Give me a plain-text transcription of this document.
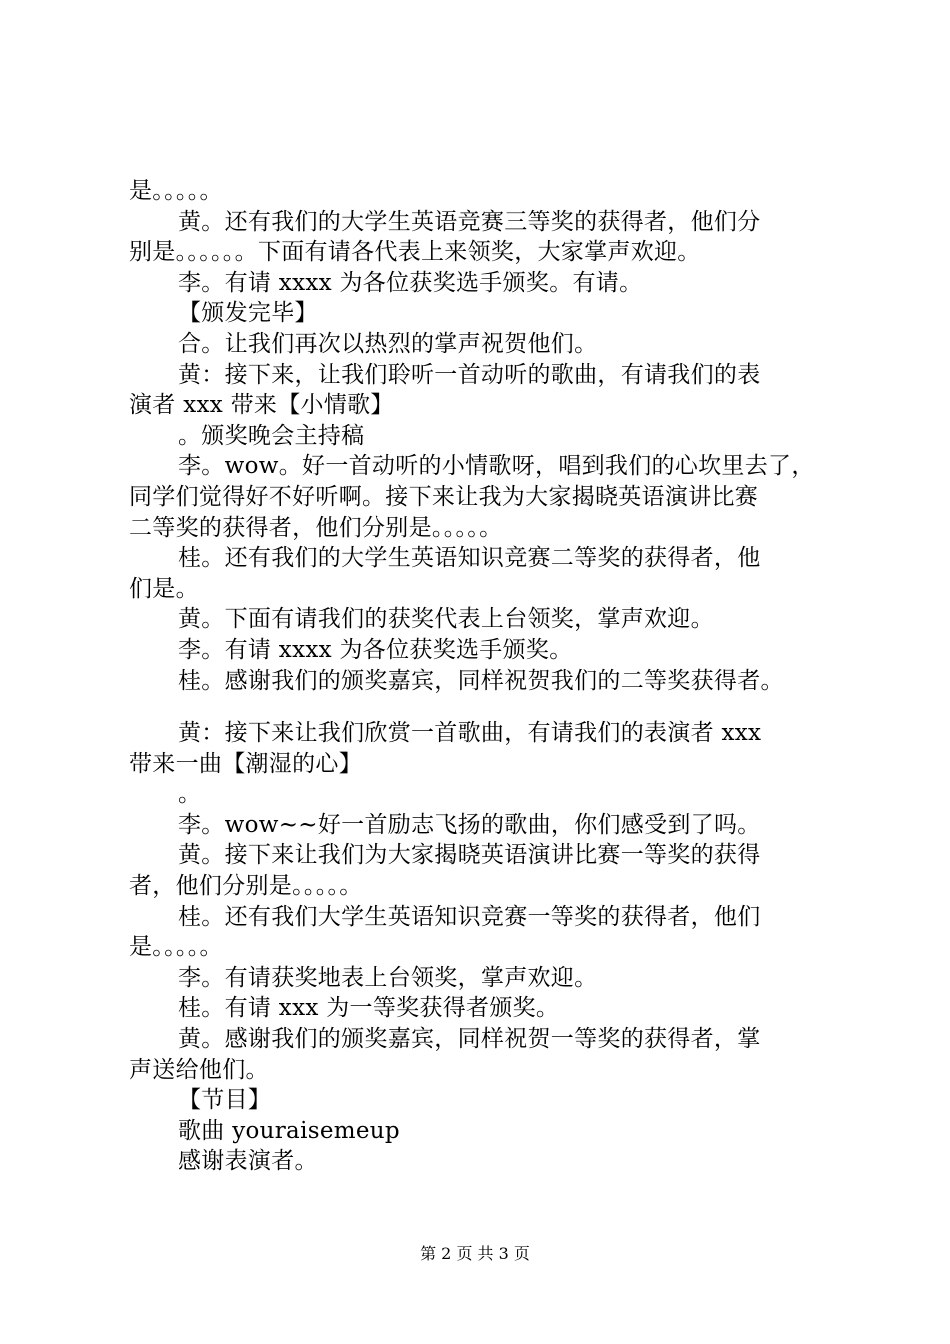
是。。。。。
黄。还有我们的大学生英语竞赛三等奖的获得者，他们分
别是。。。。。。下面有请各代表上来领奖，大家掌声欢迎。
李。有请 xxxx 为各位获奖选手颁奖。有请。
【颁发完毕】
合。让我们再次以热烈的掌声祝贺他们。
黄：接下来，让我们聆听一首动听的歌曲，有请我们的表
演者 xxx 带来【小情歌】
。颁奖晚会主持稿
李。wow。好一首动听的小情歌呀，唱到我们的心坎里去了，
同学们觉得好不好听啊。接下来让我为大家揭晓英语演讲比赛
二等奖的获得者，他们分别是。。。。。
桂。还有我们的大学生英语知识竞赛二等奖的获得者，他
们是。
黄。下面有请我们的获奖代表上台领奖，掌声欢迎。
李。有请 xxxx 为各位获奖选手颁奖。
桂。感谢我们的颁奖嘉宾，同样祝贺我们的二等奖获得者。
黄：接下来让我们欣赏一首歌曲，有请我们的表演者 xxx
带来一曲【潮湿的心】
。
李。wow~~好一首励志飞扬的歌曲，你们感受到了吗。
黄。接下来让我们为大家揭晓英语演讲比赛一等奖的获得
者，他们分别是。。。。。
桂。还有我们大学生英语知识竞赛一等奖的获得者，他们
是。。。。。
李。有请获奖地表上台领奖，掌声欢迎。
桂。有请 xxx 为一等奖获得者颁奖。
黄。感谢我们的颁奖嘉宾，同样祝贺一等奖的获得者，掌
声送给他们。
【节目】
歌曲 youraisemeup
感谢表演者。
第 2 页 共 3 页
